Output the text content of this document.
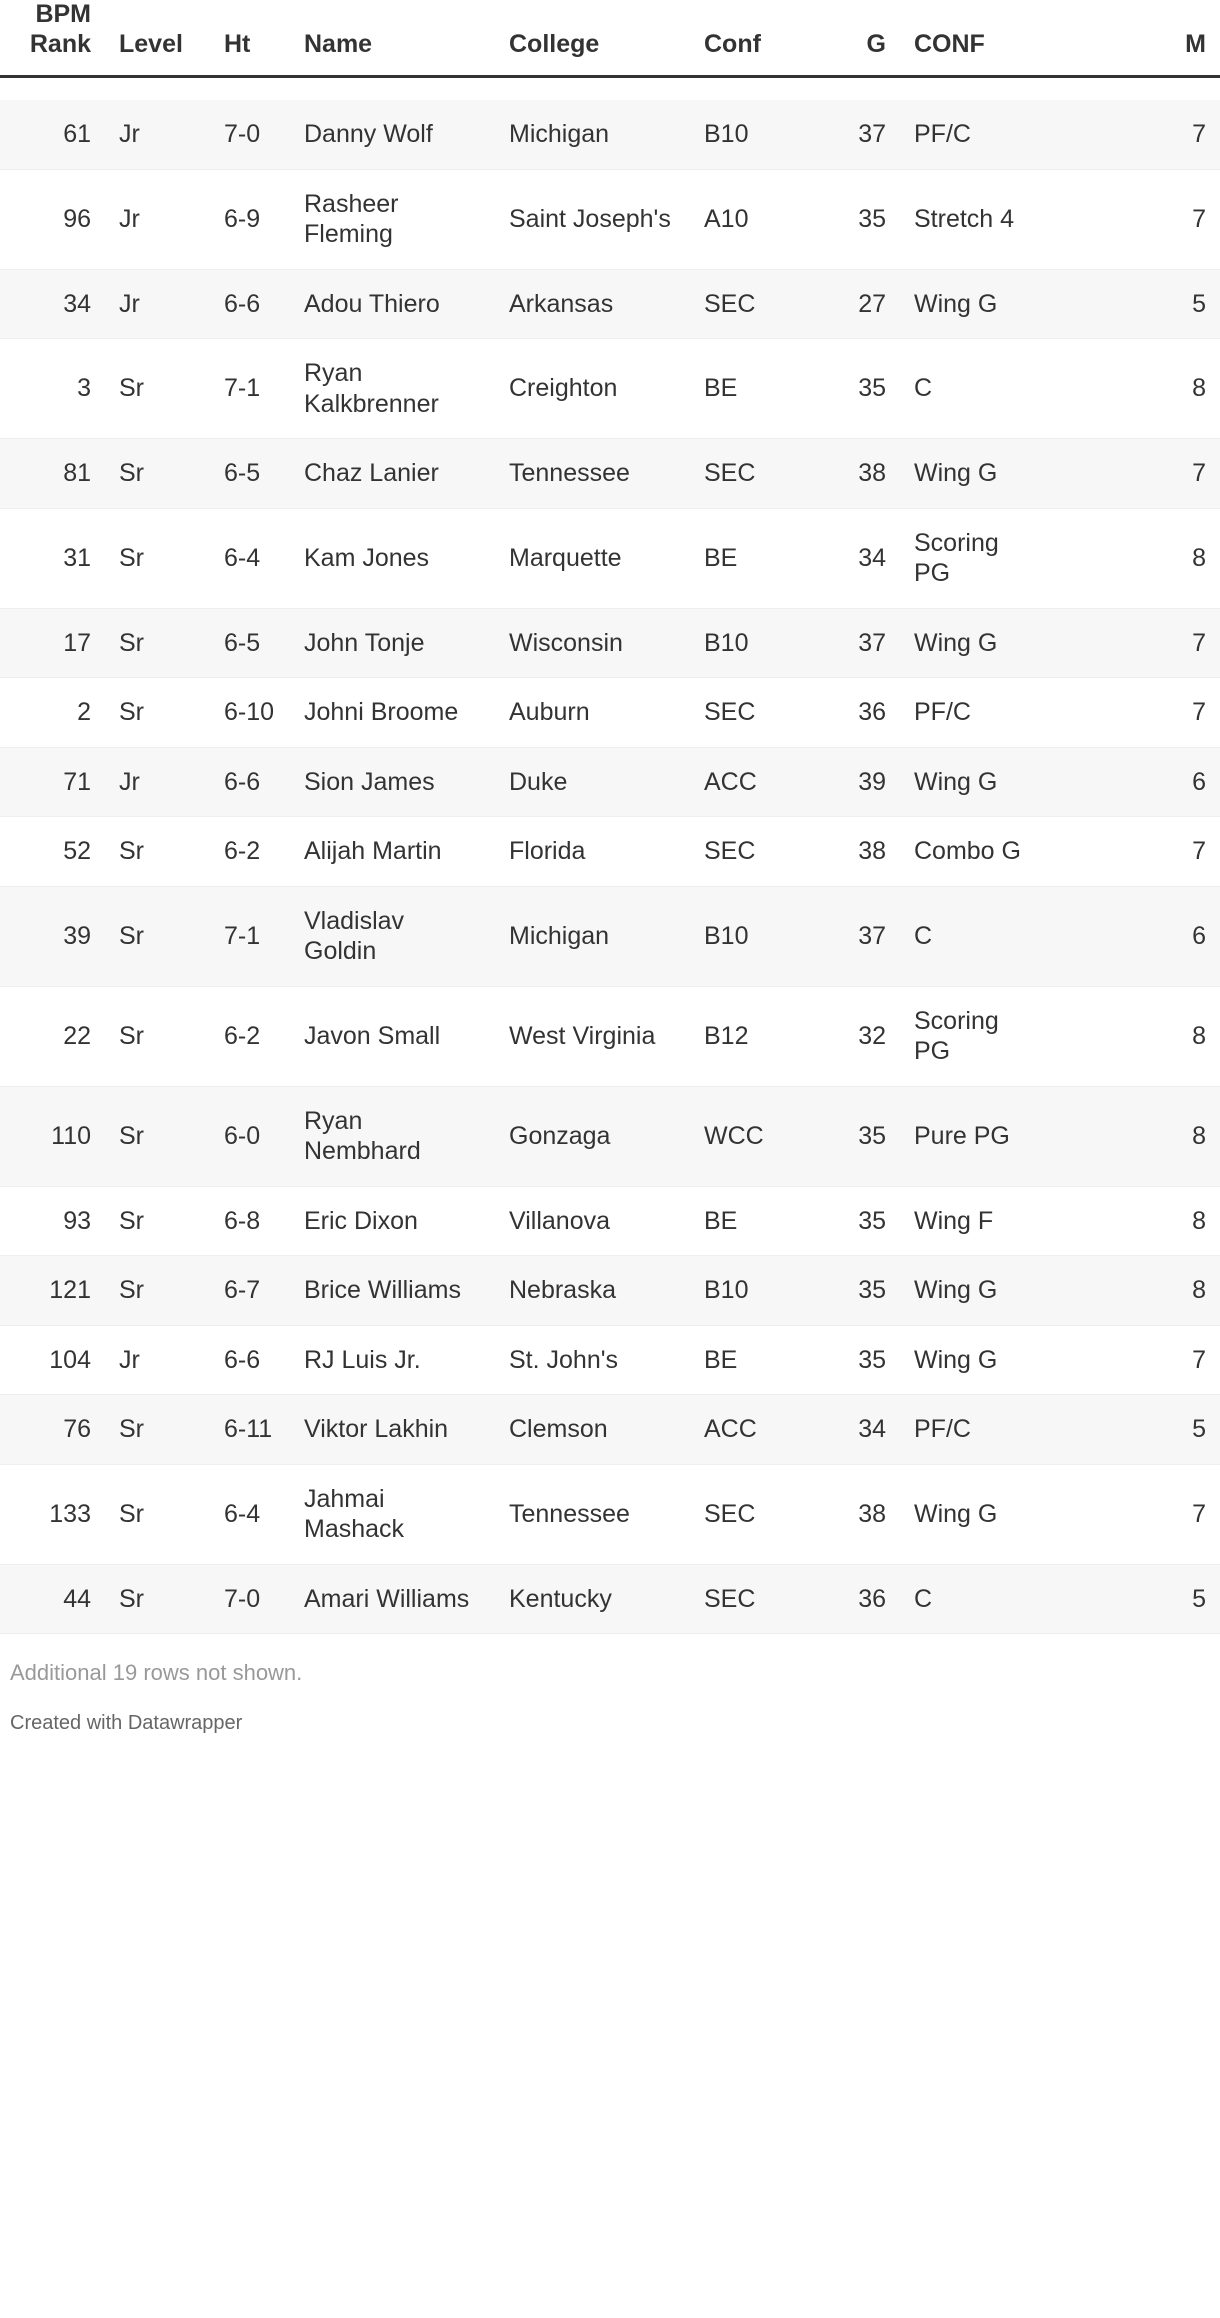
BPM
Rank	Level	Ht	Name	College	Conf	G	CONF	M

61	Jr	7-0	Danny Wolf	Michigan	B10	37	PF/C	7
96	Jr	6-9	Rasheer Fleming	Saint Joseph's	A10	35	Stretch 4	7
34	Jr	6-6	Adou Thiero	Arkansas	SEC	27	Wing G	5
3	Sr	7-1	Ryan Kalkbrenner	Creighton	BE	35	C	8
81	Sr	6-5	Chaz Lanier	Tennessee	SEC	38	Wing G	7
31	Sr	6-4	Kam Jones	Marquette	BE	34	Scoring PG	8
17	Sr	6-5	John Tonje	Wisconsin	B10	37	Wing G	7
2	Sr	6-10	Johni Broome	Auburn	SEC	36	PF/C	7
71	Jr	6-6	Sion James	Duke	ACC	39	Wing G	6
52	Sr	6-2	Alijah Martin	Florida	SEC	38	Combo G	7
39	Sr	7-1	Vladislav Goldin	Michigan	B10	37	C	6
22	Sr	6-2	Javon Small	West Virginia	B12	32	Scoring PG	8
110	Sr	6-0	Ryan Nembhard	Gonzaga	WCC	35	Pure PG	8
93	Sr	6-8	Eric Dixon	Villanova	BE	35	Wing F	8
121	Sr	6-7	Brice Williams	Nebraska	B10	35	Wing G	8
104	Jr	6-6	RJ Luis Jr.	St. John's	BE	35	Wing G	7
76	Sr	6-11	Viktor Lakhin	Clemson	ACC	34	PF/C	5
133	Sr	6-4	Jahmai Mashack	Tennessee	SEC	38	Wing G	7
44	Sr	7-0	Amari Williams	Kentucky	SEC	36	C	5
Additional 19 rows not shown.
Created with Datawrapper
